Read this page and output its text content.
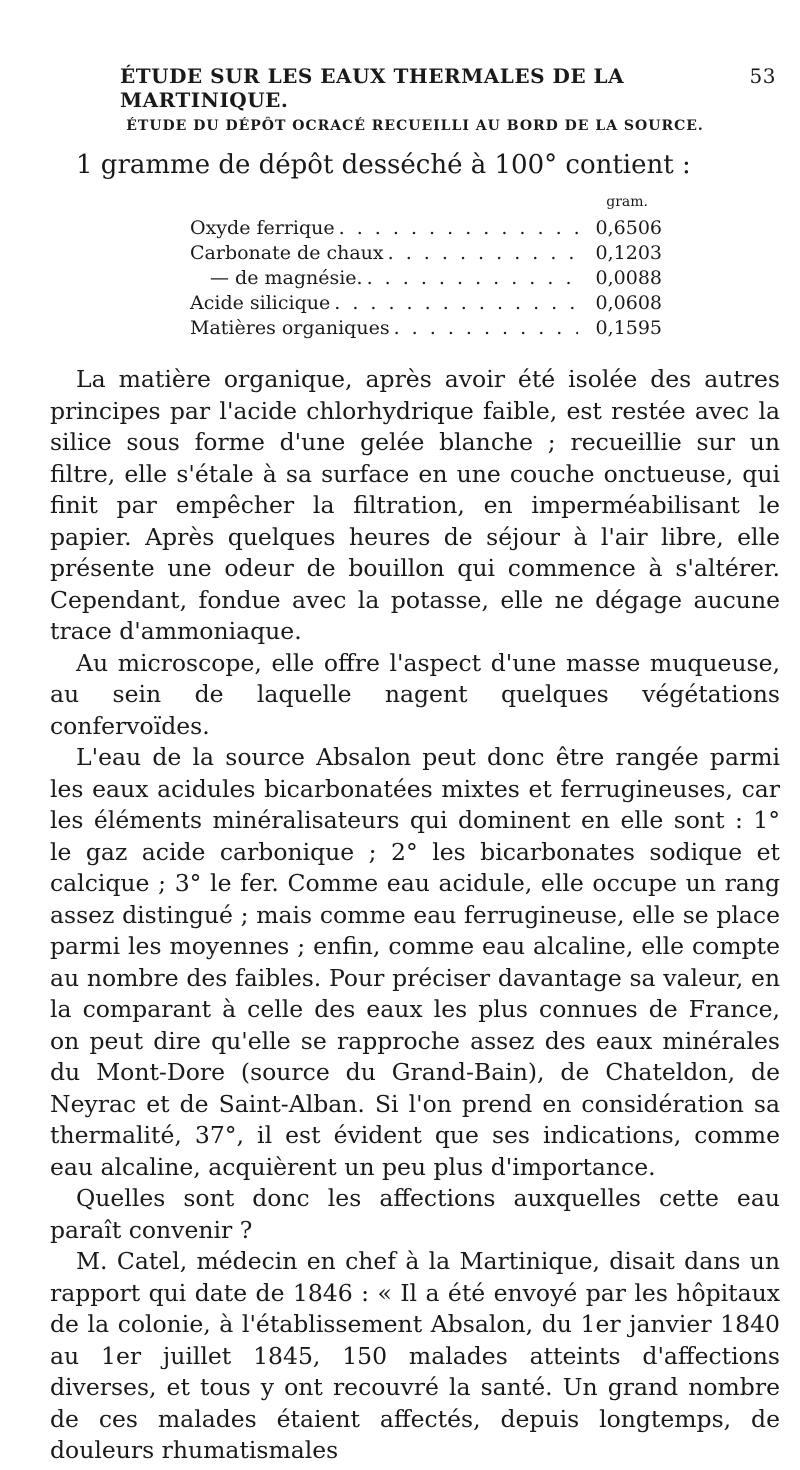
ÉTUDE SUR LES EAUX THERMALES DE LA MARTINIQUE.
53
ÉTUDE DU DÉPÔT OCRACÉ RECUEILLI AU BORD DE LA SOURCE.
1 gramme de dépôt desséché à 100° contient :
gram.
Oxyde ferrique . . .	0,6506
Carbonate de chaux . . .	0,1203
— de magnésie. . . .	0,0088
Acide silicique . . .	0,0608
Matières organiques . . .	0,1595

La matière organique, après avoir été isolée des autres principes par l'acide chlorhydrique faible, est restée avec la silice sous forme d'une gelée blanche ; recueillie sur un filtre, elle s'étale à sa surface en une couche onctueuse, qui finit par empêcher la filtration, en imperméabilisant le papier. Après quelques heures de séjour à l'air libre, elle présente une odeur de bouillon qui commence à s'altérer. Cependant, fondue avec la potasse, elle ne dégage aucune trace d'ammoniaque.

Au microscope, elle offre l'aspect d'une masse muqueuse, au sein de laquelle nagent quelques végétations confervoïdes.

L'eau de la source Absalon peut donc être rangée parmi les eaux acidules bicarbonatées mixtes et ferrugineuses, car les éléments minéralisateurs qui dominent en elle sont : 1° le gaz acide carbonique ; 2° les bicarbonates sodique et calcique ; 3° le fer. Comme eau acidule, elle occupe un rang assez distingué ; mais comme eau ferrugineuse, elle se place parmi les moyennes ; enfin, comme eau alcaline, elle compte au nombre des faibles. Pour préciser davantage sa valeur, en la comparant à celle des eaux les plus connues de France, on peut dire qu'elle se rapproche assez des eaux minérales du Mont-Dore (source du Grand-Bain), de Chateldon, de Neyrac et de Saint-Alban. Si l'on prend en considération sa thermalité, 37°, il est évident que ses indications, comme eau alcaline, acquièrent un peu plus d'importance.

Quelles sont donc les affections auxquelles cette eau paraît convenir ?

M. Catel, médecin en chef à la Martinique, disait dans un rapport qui date de 1846 : « Il a été envoyé par les hôpitaux de la colonie, à l'établissement Absalon, du 1er janvier 1840 au 1er juillet 1845, 150 malades atteints d'affections diverses, et tous y ont recouvré la santé. Un grand nombre de ces malades étaient affectés, depuis longtemps, de douleurs rhumatismales
